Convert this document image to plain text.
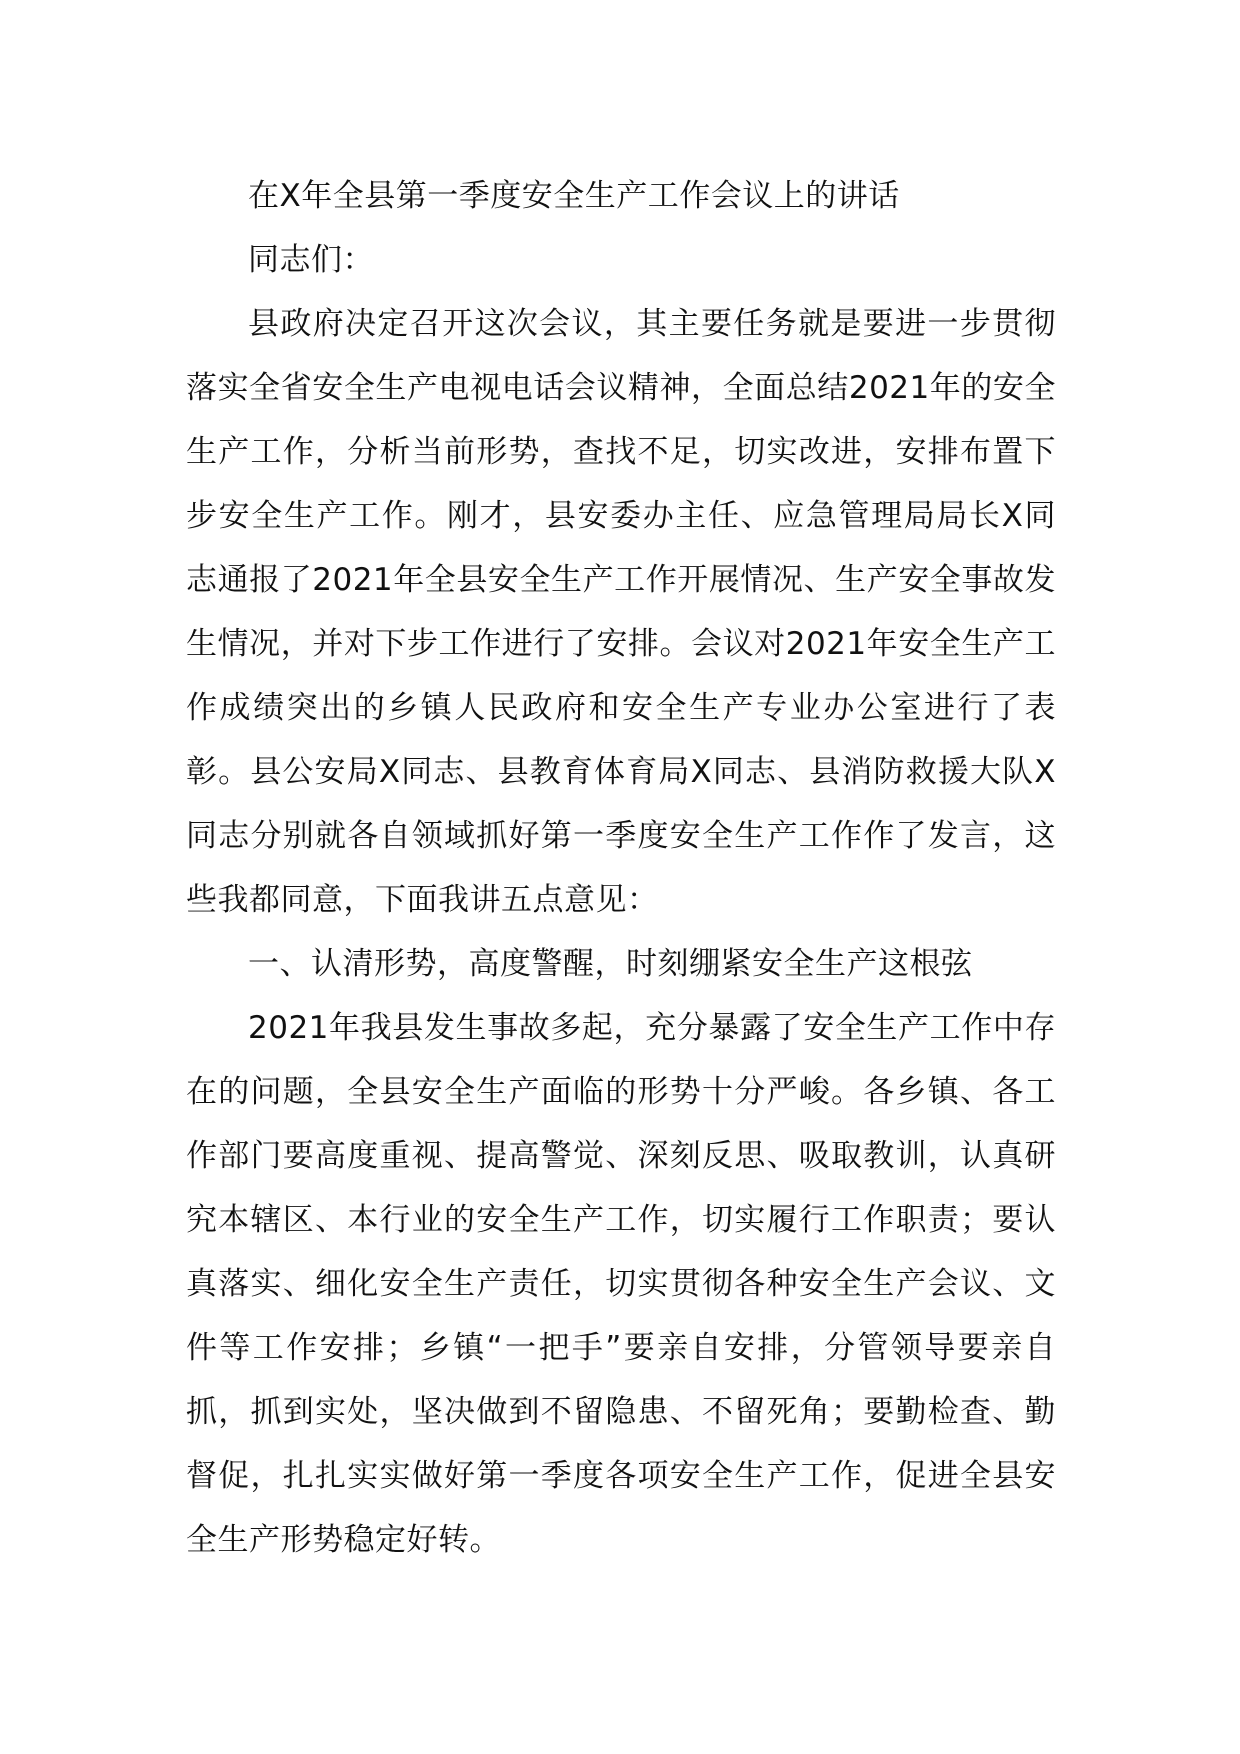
在X年全县第一季度安全生产工作会议上的讲话

同志们：

县政府决定召开这次会议，其主要任务就是要进一步贯彻落实全省安全生产电视电话会议精神，全面总结2021年的安全生产工作，分析当前形势，查找不足，切实改进，安排布置下步安全生产工作。刚才，县安委办主任、应急管理局局长X同志通报了2021年全县安全生产工作开展情况、生产安全事故发生情况，并对下步工作进行了安排。会议对2021年安全生产工作成绩突出的乡镇人民政府和安全生产专业办公室进行了表彰。县公安局X同志、县教育体育局X同志、县消防救援大队X同志分别就各自领域抓好第一季度安全生产工作作了发言，这些我都同意，下面我讲五点意见：

一、认清形势，高度警醒，时刻绷紧安全生产这根弦

2021年我县发生事故多起，充分暴露了安全生产工作中存在的问题，全县安全生产面临的形势十分严峻。各乡镇、各工作部门要高度重视、提高警觉、深刻反思、吸取教训，认真研究本辖区、本行业的安全生产工作，切实履行工作职责；要认真落实、细化安全生产责任，切实贯彻各种安全生产会议、文件等工作安排；乡镇“一把手”要亲自安排，分管领导要亲自抓，抓到实处，坚决做到不留隐患、不留死角；要勤检查、勤督促，扎扎实实做好第一季度各项安全生产工作，促进全县安全生产形势稳定好转。
